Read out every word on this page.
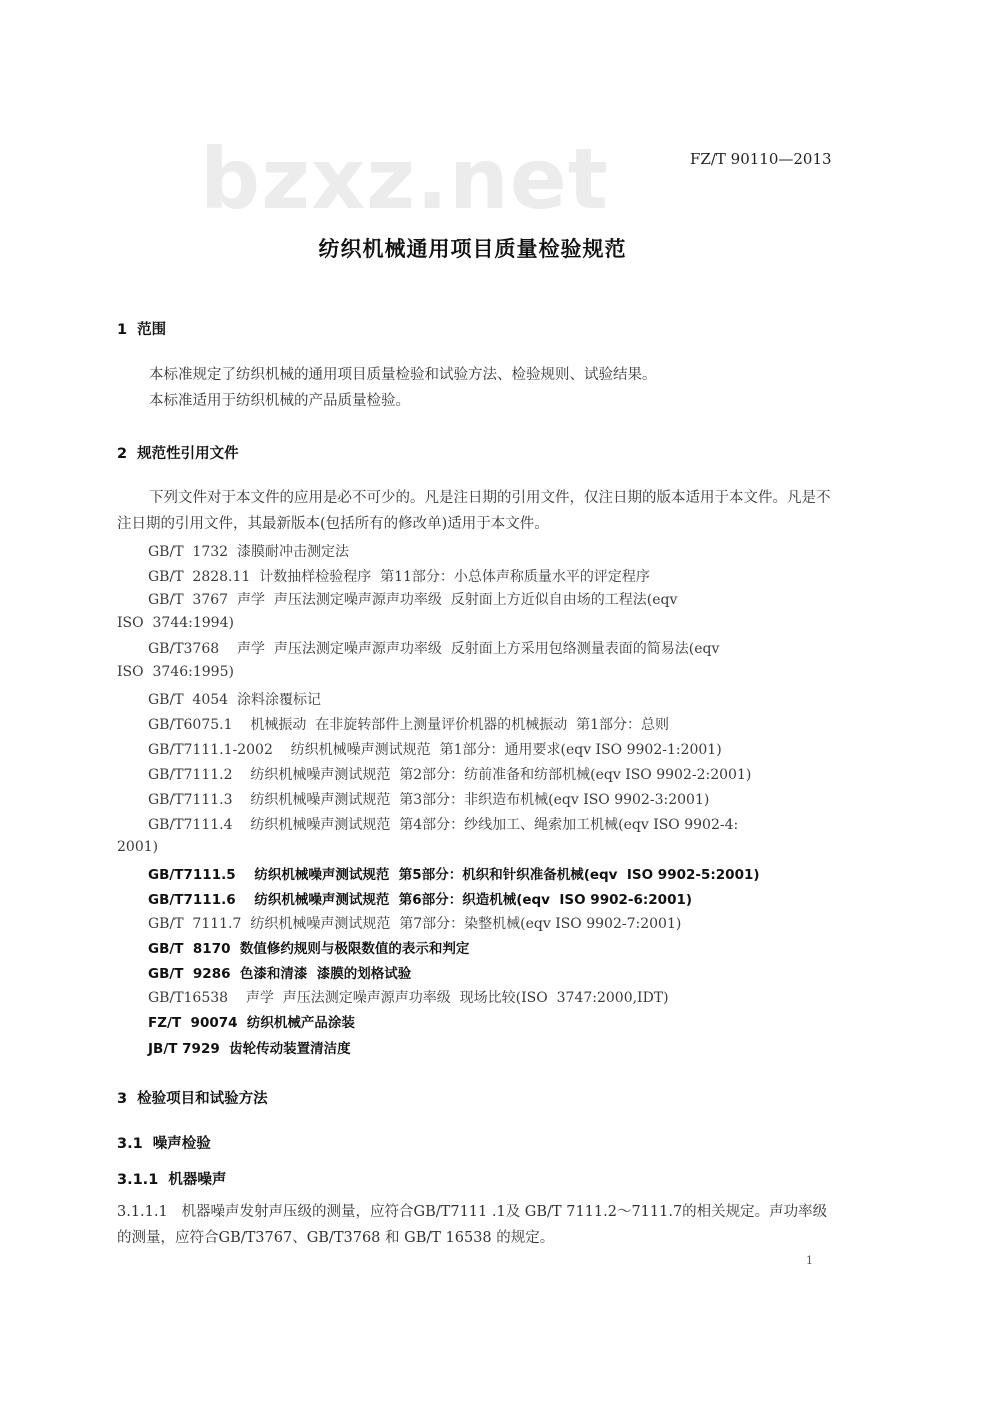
bzxz.net	FZ/T 90110—2013
纺织机械通用项目质量检验规范
1  范围

本标准规定了纺织机械的通用项目质量检验和试验方法、检验规则、试验结果。

本标准适用于纺织机械的产品质量检验。

2  规范性引用文件

下列文件对于本文件的应用是必不可少的。凡是注日期的引用文件，仅注日期的版本适用于本文件。凡是不注日期的引用文件，其最新版本(包括所有的修改单)适用于本文件。

GB/T  1732  漆膜耐冲击测定法
GB/T  2828.11  计数抽样检验程序  第11部分：小总体声称质量水平的评定程序
GB/T  3767  声学  声压法测定噪声源声功率级  反射面上方近似自由场的工程法(eqv
ISO  3744:1994)
GB/T3768    声学  声压法测定噪声源声功率级  反射面上方采用包络测量表面的简易法(eqv
ISO  3746:1995)
GB/T  4054  涂料涂覆标记
GB/T6075.1    机械振动  在非旋转部件上测量评价机器的机械振动  第1部分：总则
GB/T7111.1-2002    纺织机械噪声测试规范  第1部分：通用要求(eqv ISO 9902-1:2001)
GB/T7111.2    纺织机械噪声测试规范  第2部分：纺前准备和纺部机械(eqv ISO 9902-2:2001)
GB/T7111.3    纺织机械噪声测试规范  第3部分：非织造布机械(eqv ISO 9902-3:2001)
GB/T7111.4    纺织机械噪声测试规范  第4部分：纱线加工、绳索加工机械(eqv ISO 9902-4:
2001)
GB/T7111.5    纺织机械噪声测试规范  第5部分：机织和针织准备机械(eqv  ISO 9902-5:2001)
GB/T7111.6    纺织机械噪声测试规范  第6部分：织造机械(eqv  ISO 9902-6:2001)
GB/T  7111.7  纺织机械噪声测试规范  第7部分：染整机械(eqv ISO 9902-7:2001)
GB/T  8170  数值修约规则与极限数值的表示和判定
GB/T  9286  色漆和清漆  漆膜的划格试验
GB/T16538    声学  声压法测定噪声源声功率级  现场比较(ISO  3747:2000,IDT)
FZ/T  90074  纺织机械产品涂装
JB/T 7929  齿轮传动装置清洁度
3  检验项目和试验方法
3.1  噪声检验
3.1.1  机器噪声

3.1.1.1 机器噪声发射声压级的测量，应符合GB/T7111 .1及 GB/T 7111.2～7111.7的相关规定。声功率级的测量，应符合GB/T3767、GB/T3768 和 GB/T 16538 的规定。

1
